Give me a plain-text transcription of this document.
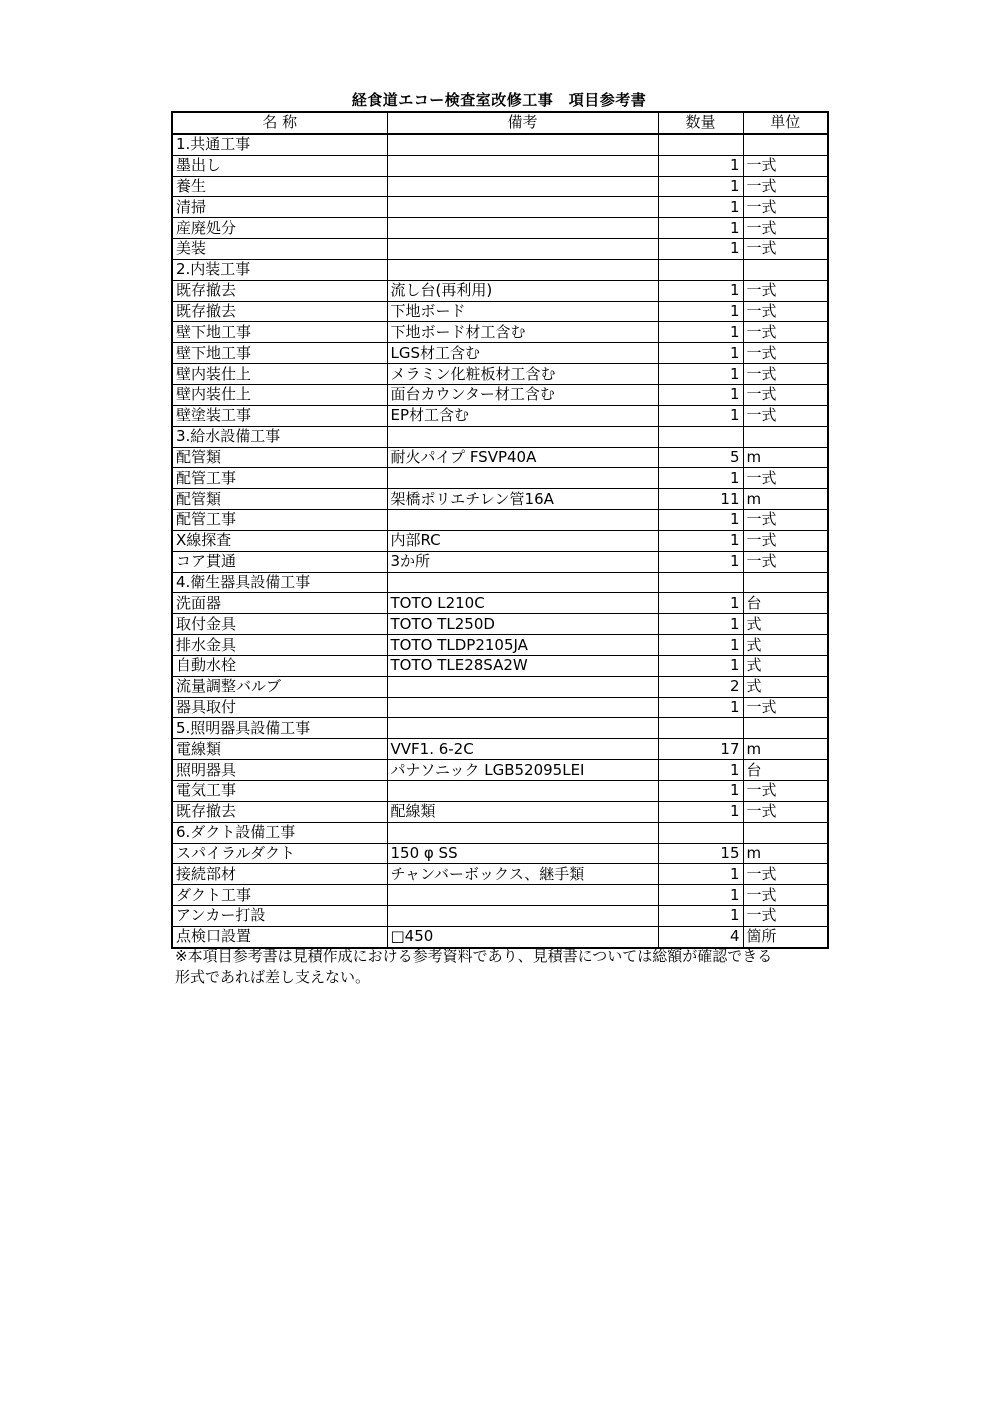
経食道エコー検査室改修工事　項目参考書
名 称	備考	数量	単位
1.共通工事			
墨出し		1	一式
養生		1	一式
清掃		1	一式
産廃処分		1	一式
美装		1	一式
2.内装工事			
既存撤去	流し台(再利用)	1	一式
既存撤去	下地ボード	1	一式
壁下地工事	下地ボード材工含む	1	一式
壁下地工事	LGS材工含む	1	一式
壁内装仕上	メラミン化粧板材工含む	1	一式
壁内装仕上	面台カウンター材工含む	1	一式
壁塗装工事	EP材工含む	1	一式
3.給水設備工事			
配管類	耐火パイプ FSVP40A	5	m
配管工事		1	一式
配管類	架橋ポリエチレン管16A	11	m
配管工事		1	一式
X線探査	内部RC	1	一式
コア貫通	3か所	1	一式
4.衛生器具設備工事			
洗面器	TOTO L210C	1	台
取付金具	TOTO TL250D	1	式
排水金具	TOTO TLDP2105JA	1	式
自動水栓	TOTO TLE28SA2W	1	式
流量調整バルブ		2	式
器具取付		1	一式
5.照明器具設備工事			
電線類	VVF1. 6-2C	17	m
照明器具	パナソニック LGB52095LEI	1	台
電気工事		1	一式
既存撤去	配線類	1	一式
6.ダクト設備工事			
スパイラルダクト	150 φ SS	15	m
接続部材	チャンバーボックス、継手類	1	一式
ダクト工事		1	一式
アンカー打設		1	一式
点検口設置	□450	4	箇所
※本項目参考書は見積作成における参考資料であり、見積書については総額が確認できる
形式であれば差し支えない。
